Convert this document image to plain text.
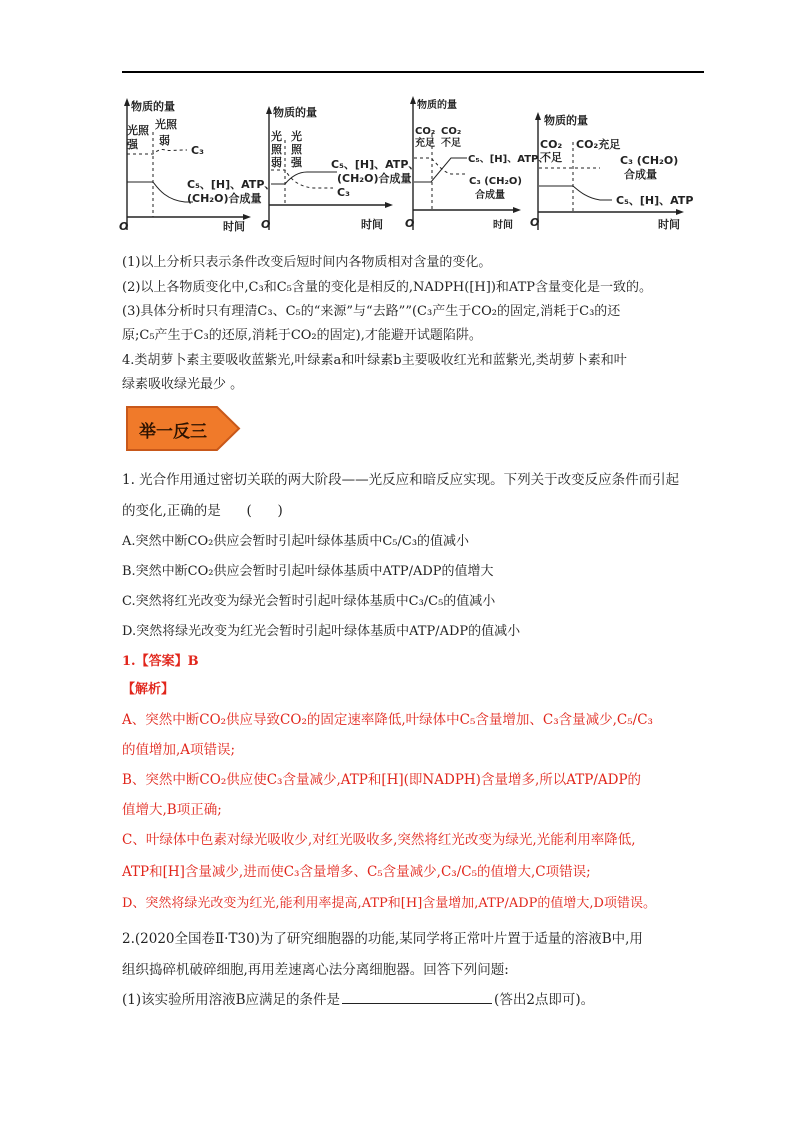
物质的量
光照
强
光照
弱
C₃
C₅、[H]、ATP、
(CH₂O)合成量
O	时间
物质的量
光
照
弱
光
照
强	C₅、[H]、ATP、
(CH₂O)合成量
C₃
O	时间
物质的量
CO₂
充足
CO₂
不足
C₅、[H]、ATP、
C₃ (CH₂O)
合成量
O	时间
物质的量
CO₂
不足
CO₂充足
C₃ (CH₂O)
合成量
C₅、[H]、ATP
O	时间
(1)以上分析只表示条件改变后短时间内各物质相对含量的变化。
(2)以上各物质变化中,C₃和C₅含量的变化是相反的,NADPH([H])和ATP含量变化是一致的。
(3)具体分析时只有理清C₃、C₅的“来源”与“去路””(C₃产生于CO₂的固定,消耗于C₃的还
原;C₅产生于C₃的还原,消耗于CO₂的固定),才能避开试题陷阱。
4.类胡萝卜素主要吸收蓝紫光,叶绿素a和叶绿素b主要吸收红光和蓝紫光,类胡萝卜素和叶
绿素吸收绿光最少 。
举一反三
1. 光合作用通过密切关联的两大阶段——光反应和暗反应实现。下列关于改变反应条件而引起
的变化,正确的是      (      )
A.突然中断CO₂供应会暂时引起叶绿体基质中C₅/C₃的值减小
B.突然中断CO₂供应会暂时引起叶绿体基质中ATP/ADP的值增大
C.突然将红光改变为绿光会暂时引起叶绿体基质中C₃/C₅的值减小
D.突然将绿光改变为红光会暂时引起叶绿体基质中ATP/ADP的值减小
1.【答案】B
【解析】
A、突然中断CO₂供应导致CO₂的固定速率降低,叶绿体中C₅含量增加、C₃含量减少,C₅/C₃
的值增加,A项错误;
B、突然中断CO₂供应使C₃含量减少,ATP和[H](即NADPH)含量增多,所以ATP/ADP的
值增大,B项正确;
C、叶绿体中色素对绿光吸收少,对红光吸收多,突然将红光改变为绿光,光能利用率降低,
ATP和[H]含量减少,进而使C₃含量增多、C₅含量减少,C₃/C₅的值增大,C项错误;
D、突然将绿光改变为红光,能利用率提高,ATP和[H]含量增加,ATP/ADP的值增大,D项错误。
2.(2020全国卷Ⅱ·T30)为了研究细胞器的功能,某同学将正常叶片置于适量的溶液B中,用
组织捣碎机破碎细胞,再用差速离心法分离细胞器。回答下列问题:
(1)该实验所用溶液B应满足的条件是	(答出2点即可)。
